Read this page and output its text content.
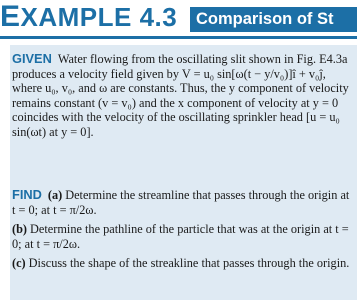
EXAMPLE 4.3 Comparison of St
GIVEN Water flowing from the oscillating slit shown in Fig. E4.3a produces a velocity field given by V = u₀ sin[ω(t − y/v₀)]î + v₀ĵ, where u₀, v₀, and ω are constants. Thus, the y component of velocity remains constant (v = v₀) and the x component of velocity at y = 0 coincides with the velocity of the oscillating sprinkler head [u = u₀ sin(ωt) at y = 0].
FIND (a) Determine the streamline that passes through the origin at t = 0; at t = π/2ω.
(b) Determine the pathline of the particle that was at the origin at t = 0; at t = π/2ω.
(c) Discuss the shape of the streakline that passes through the origin.
